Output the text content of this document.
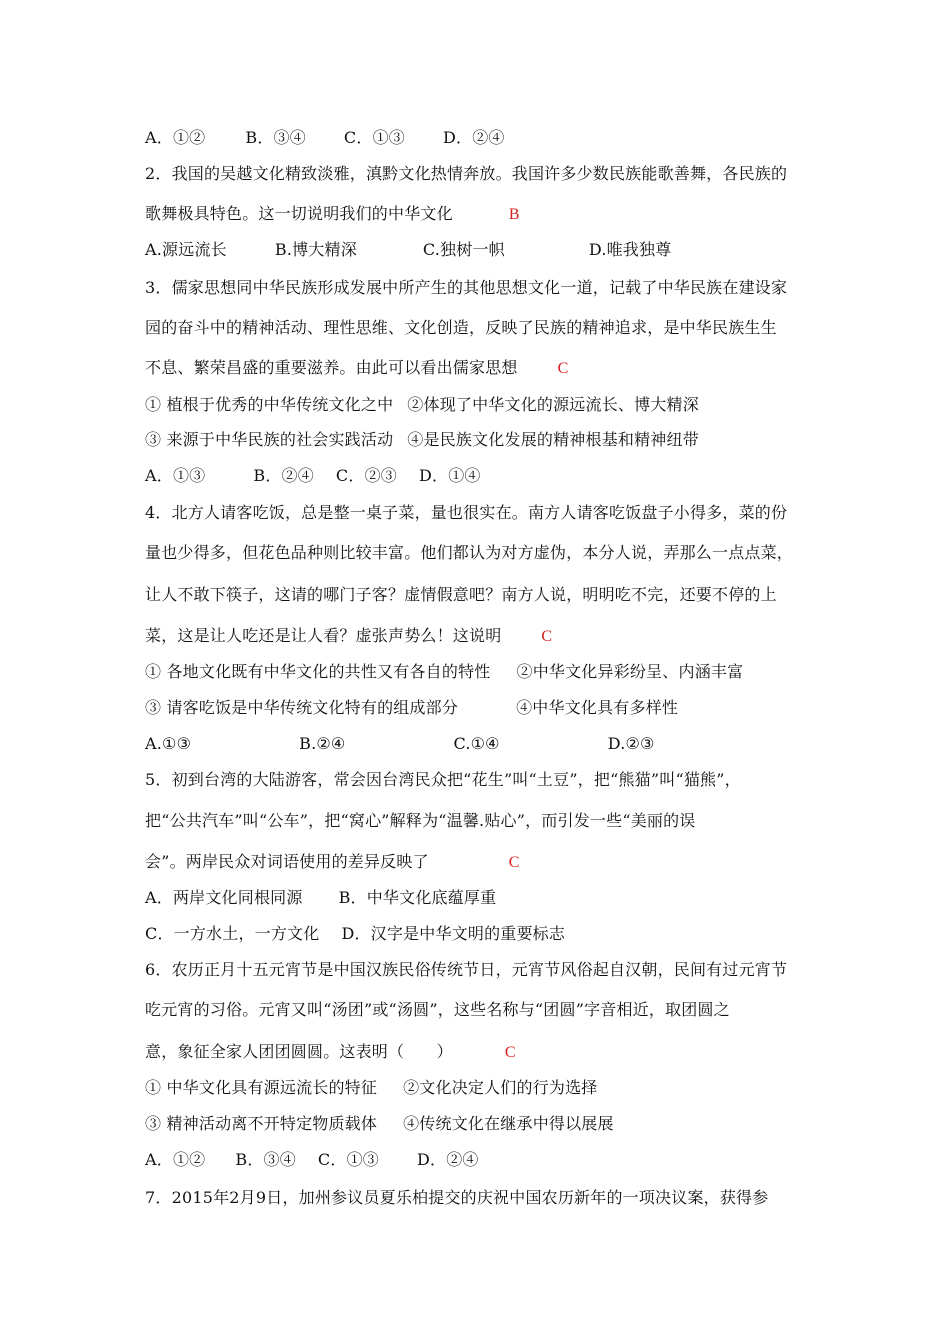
A．①②	B．③④ C．①③ D．②④
2．我国的吴越文化精致淡雅，滇黔文化热情奔放。我国许多少数民族能歌善舞，各民族的
歌舞极具特色。这一切说明我们的中华文化	B
A.源远流长	B.博大精深	C.独树一帜	D.唯我独尊
3．儒家思想同中华民族形成发展中所产生的其他思想文化一道，记载了中华民族在建设家
园的奋斗中的精神活动、理性思维、文化创造，反映了民族的精神追求，是中华民族生生
不息、繁荣昌盛的重要滋养。由此可以看出儒家思想	C
① 植根于优秀的中华传统文化之中 ②体现了中华文化的源远流长、博大精深
③ 来源于中华民族的社会实践活动 ④是民族文化发展的精神根基和精神纽带
A．①③	B．②④ C．②③ D．①④
4．北方人请客吃饭，总是整一桌子菜，量也很实在。南方人请客吃饭盘子小得多，菜的份
量也少得多，但花色品种则比较丰富。他们都认为对方虚伪，本分人说，弄那么一点点菜，
让人不敢下筷子，这请的哪门子客？虚情假意吧？南方人说，明明吃不完，还要不停的上
菜，这是让人吃还是让人看？虚张声势么！这说明	C
① 各地文化既有中华文化的共性又有各自的特性 ②中华文化异彩纷呈、内涵丰富
③ 请客吃饭是中华传统文化特有的组成部分	④中华文化具有多样性
A.①③	B.②④	C.①④	D.②③
5．初到台湾的大陆游客，常会因台湾民众把“花生”叫“土豆”，把“熊猫”叫“猫熊”，
把“公共汽车”叫“公车”，把“窝心”解释为“温馨.贴心”，而引发一些“美丽的误
会”。两岸民众对词语使用的差异反映了	C
A．两岸文化同根同源 B．中华文化底蕴厚重
C．一方水土，一方文化 D．汉字是中华文明的重要标志
6．农历正月十五元宵节是中国汉族民俗传统节日，元宵节风俗起自汉朝，民间有过元宵节
吃元宵的习俗。元宵又叫“汤团”或“汤圆”，这些名称与“团圆”字音相近，取团圆之
意，象征全家人团团圆圆。这表明（　　）	C
① 中华文化具有源远流长的特征 ②文化决定人们的行为选择
③ 精神活动离不开特定物质载体 ④传统文化在继承中得以展展
A．①② B．③④ C．①③ D．②④
7．2015年2月9日，加州参议员夏乐柏提交的庆祝中国农历新年的一项决议案，获得参
